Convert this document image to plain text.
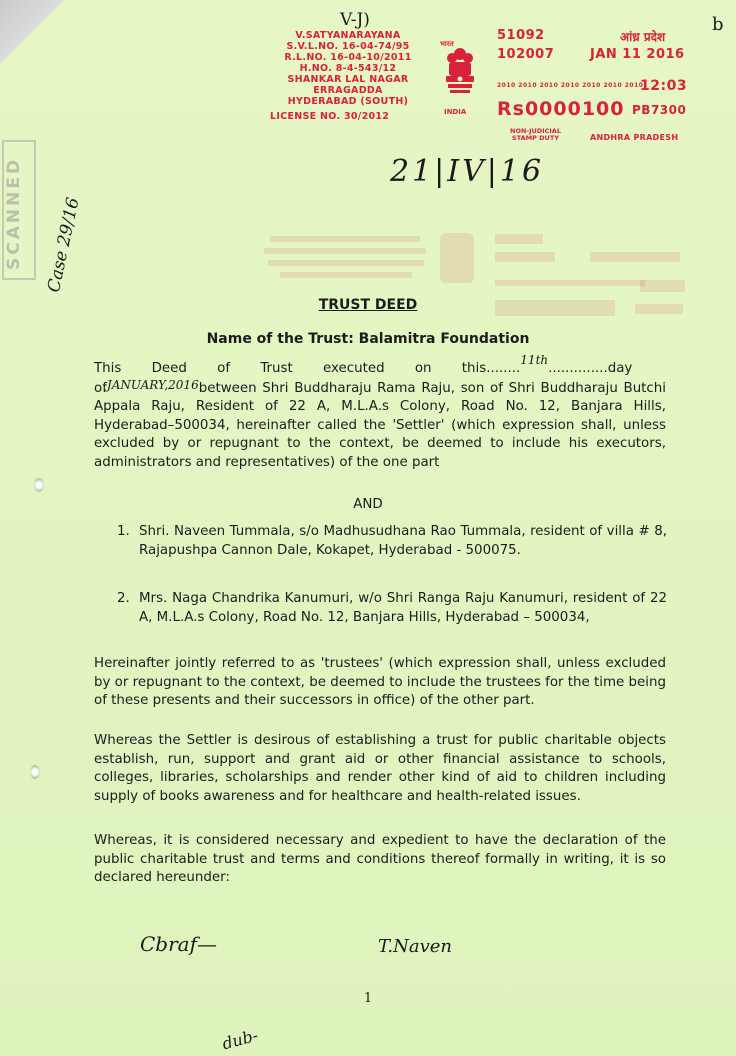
V.SATYANARAYANA
S.V.L.NO. 16-04-74/95
R.L.NO. 16-04-10/2011
H.NO. 8-4-543/12
SHANKAR LAL NAGAR
ERRAGADDA
HYDERABAD (SOUTH)
LICENSE NO. 30/2012
भारत
INDIA
51092
102007
आंध्र प्रदेश
JAN 11 2016
2010 2010 2010 2010 2010 2010 2010
12:03
Rs0000100 PB7300
NON-JUDICIAL
STAMP DUTY	ANDHRA PRADESH
SCANNED
V-J)
21|IV|16
Case 29/16
b
TRUST DEED
Name of the Trust: Balamitra Foundation
This Deed of Trust executed on this........11th..............day
ofJANUARY,2016between Shri Buddharaju Rama Raju, son of Shri Buddharaju Butchi Appala Raju, Resident of 22 A, M.L.A.s Colony, Road No. 12, Banjara Hills, Hyderabad–500034, hereinafter called the 'Settler' (which expression shall, unless excluded by or repugnant to the context, be deemed to include his executors, administrators and representatives) of the one part
AND
1. Shri. Naveen Tummala, s/o Madhusudhana Rao Tummala, resident of villa # 8, Rajapushpa Cannon Dale, Kokapet, Hyderabad - 500075.
2. Mrs. Naga Chandrika Kanumuri, w/o Shri Ranga Raju Kanumuri, resident of 22 A, M.L.A.s Colony, Road No. 12, Banjara Hills, Hyderabad – 500034,
Hereinafter jointly referred to as 'trustees' (which expression shall, unless excluded by or repugnant to the context, be deemed to include the trustees for the time being of these presents and their successors in office) of the other part.
Whereas the Settler is desirous of establishing a trust for public charitable objects establish, run, support and grant aid or other financial assistance to schools, colleges, libraries, scholarships and render other kind of aid to children including supply of books awareness and for healthcare and health-related issues.
Whereas, it is considered necessary and expedient to have the declaration of the public charitable trust and terms and conditions thereof formally in writing, it is so declared hereunder:
Cbraf—	T.Naven
1
dub-
